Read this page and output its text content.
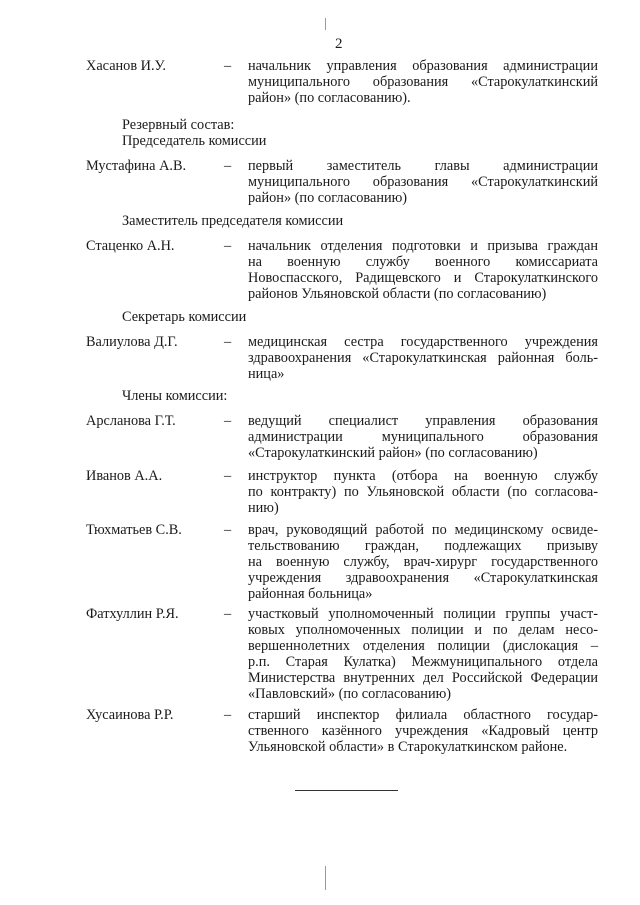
2
Хасанов И.У.	– начальник управления образования администрации
муниципального образования «Старокулаткинский
район» (по согласованию).
Резервный состав:
Председатель комиссии
Мустафина А.В.	– первый заместитель главы администрации
муниципального образования «Старокулаткинский
район» (по согласованию)
Заместитель председателя комиссии
Стаценко А.Н.	– начальник отделения подготовки и призыва граждан
на военную службу военного комиссариата
Новоспасского, Радищевского и Старокулаткинского
районов Ульяновской области (по согласованию)
Секретарь комиссии
Валиулова Д.Г.	– медицинская сестра государственного учреждения
здравоохранения «Старокулаткинская районная боль-
ница»
Члены комиссии:
Арсланова Г.Т.	– ведущий специалист управления образования
администрации муниципального образования
«Старокулаткинский район» (по согласованию)
Иванов А.А.	– инструктор пункта (отбора на военную службу
по контракту) по Ульяновской области (по согласова-
нию)
Тюхматьев С.В.	– врач, руководящий работой по медицинскому освиде-
тельствованию граждан, подлежащих призыву
на военную службу, врач-хирург государственного
учреждения здравоохранения «Старокулаткинская
районная больница»
Фатхуллин Р.Я.	– участковый уполномоченный полиции группы участ-
ковых уполномоченных полиции и по делам несо-
вершеннолетних отделения полиции (дислокация –
р.п. Старая Кулатка) Межмуниципального отдела
Министерства внутренних дел Российской Федерации
«Павловский» (по согласованию)
Хусаинова Р.Р.	– старший инспектор филиала областного государ-
ственного казённого учреждения «Кадровый центр
Ульяновской области» в Старокулаткинском районе.
